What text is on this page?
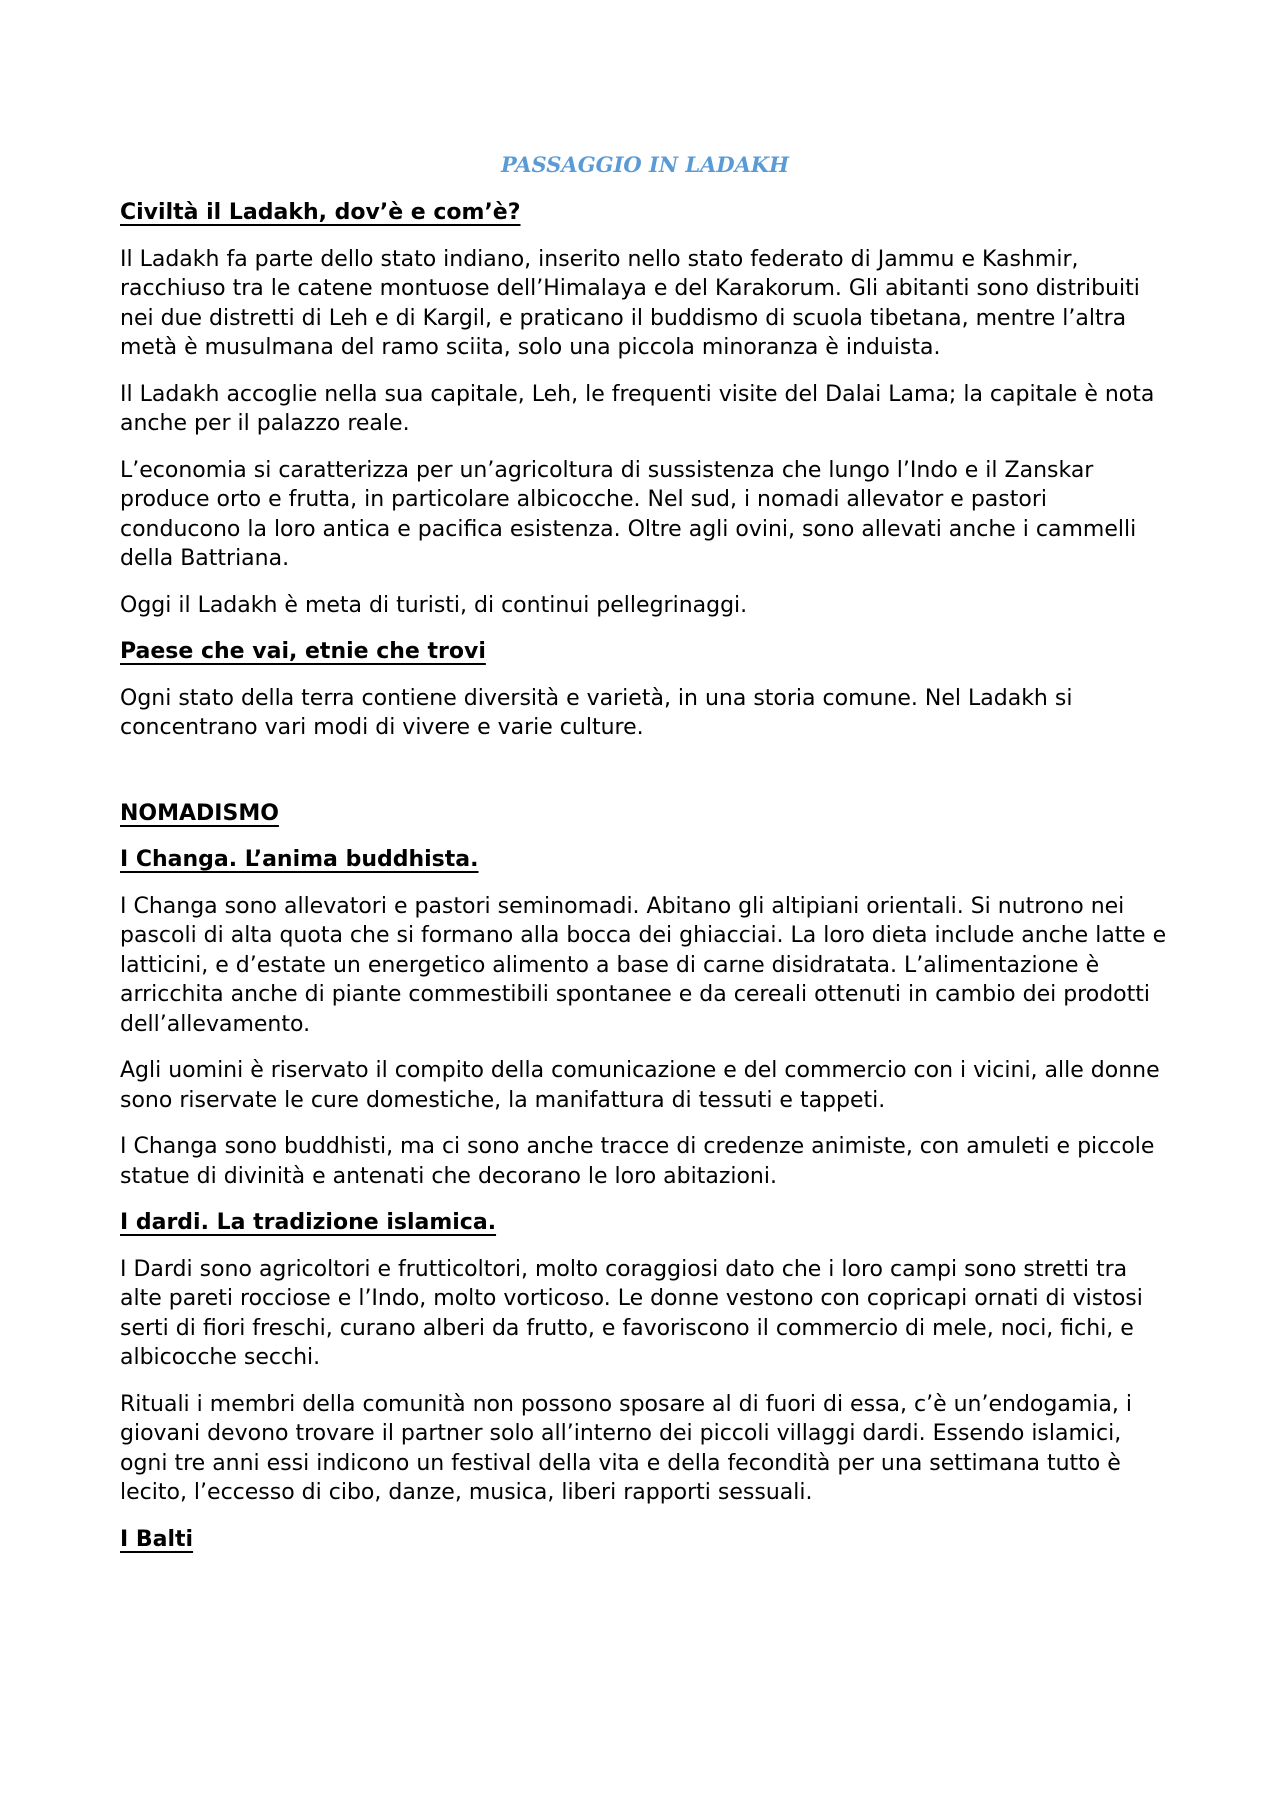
PASSAGGIO IN LADAKH
Civiltà il Ladakh, dov’è e com’è?
Il Ladakh fa parte dello stato indiano, inserito nello stato federato di Jammu e Kashmir, racchiuso tra le catene montuose dell’Himalaya e del Karakorum. Gli abitanti sono distribuiti nei due distretti di Leh e di Kargil, e praticano il buddismo di scuola tibetana, mentre l’altra metà è musulmana del ramo sciita, solo una piccola minoranza è induista.
Il Ladakh accoglie nella sua capitale, Leh, le frequenti visite del Dalai Lama; la capitale è nota anche per il palazzo reale.
L’economia si caratterizza per un’agricoltura di sussistenza che lungo l’Indo e il Zanskar produce orto e frutta, in particolare albicocche. Nel sud, i nomadi allevator e pastori conducono la loro antica e pacifica esistenza. Oltre agli ovini, sono allevati anche i cammelli della Battriana.
Oggi il Ladakh è meta di turisti, di continui pellegrinaggi.
Paese che vai, etnie che trovi
Ogni stato della terra contiene diversità e varietà, in una storia comune. Nel Ladakh si concentrano vari modi di vivere e varie culture.
NOMADISMO
I Changa. L’anima buddhista.
I Changa sono allevatori e pastori seminomadi. Abitano gli altipiani orientali. Si nutrono nei pascoli di alta quota che si formano alla bocca dei ghiacciai. La loro dieta include anche latte e latticini, e d’estate un energetico alimento a base di carne disidratata. L’alimentazione è arricchita anche di piante commestibili spontanee e da cereali ottenuti in cambio dei prodotti dell’allevamento.
Agli uomini è riservato il compito della comunicazione e del commercio con i vicini, alle donne sono riservate le cure domestiche, la manifattura di tessuti e tappeti.
I Changa sono buddhisti, ma ci sono anche tracce di credenze animiste, con amuleti e piccole statue di divinità e antenati che decorano le loro abitazioni.
I dardi. La tradizione islamica.
I Dardi sono agricoltori e frutticoltori, molto coraggiosi dato che i loro campi sono stretti tra alte pareti rocciose e l’Indo, molto vorticoso. Le donne vestono con copricapi ornati di vistosi serti di fiori freschi, curano alberi da frutto, e favoriscono il commercio di mele, noci, fichi, e albicocche secchi.
Rituali i membri della comunità non possono sposare al di fuori di essa, c’è un’endogamia, i giovani devono trovare il partner solo all’interno dei piccoli villaggi dardi. Essendo islamici, ogni tre anni essi indicono un festival della vita e della fecondità per una settimana tutto è lecito, l’eccesso di cibo, danze, musica, liberi rapporti sessuali.
I Balti
